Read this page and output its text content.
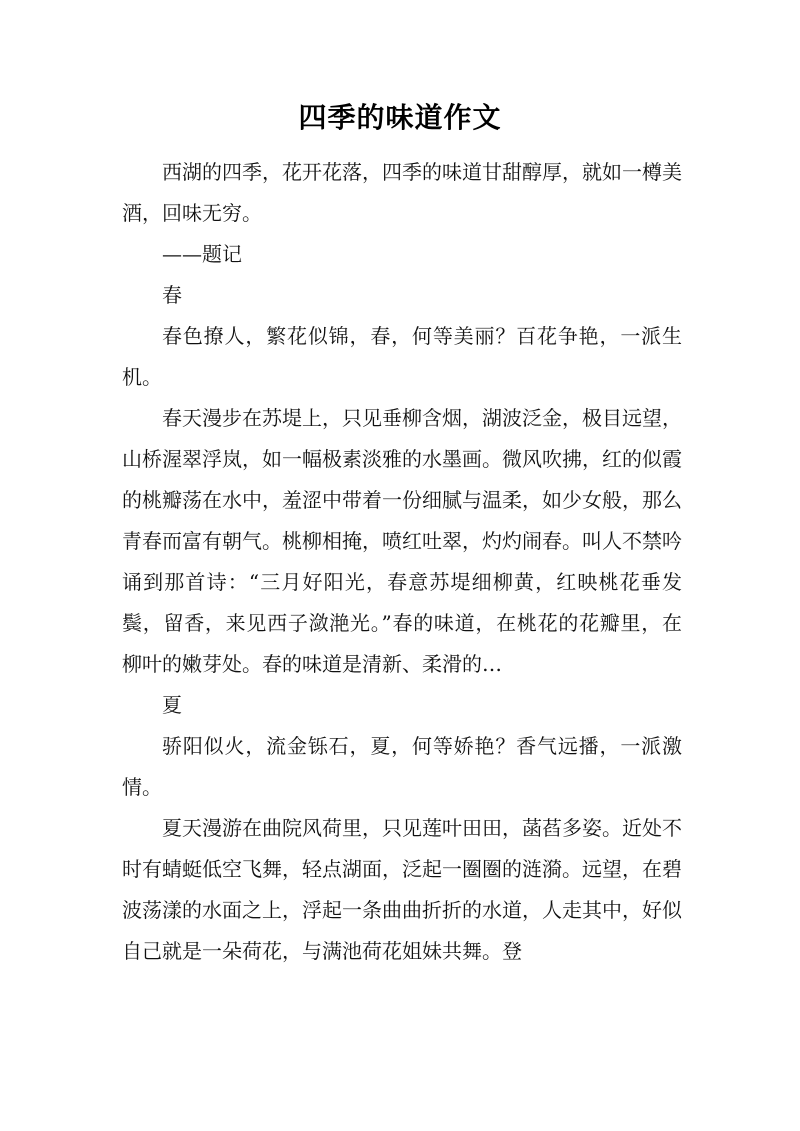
四季的味道作文

西湖的四季，花开花落，四季的味道甘甜醇厚，就如一樽美酒，回味无穷。

——题记

春

春色撩人，繁花似锦，春，何等美丽？百花争艳，一派生机。

春天漫步在苏堤上，只见垂柳含烟，湖波泛金，极目远望，山桥渥翠浮岚，如一幅极素淡雅的水墨画。微风吹拂，红的似霞的桃瓣荡在水中，羞涩中带着一份细腻与温柔，如少女般，那么青春而富有朝气。桃柳相掩，喷红吐翠，灼灼闹春。叫人不禁吟诵到那首诗：“三月好阳光，春意苏堤细柳黄，红映桃花垂发鬓，留香，来见西子潋滟光。”春的味道，在桃花的花瓣里，在柳叶的嫩芽处。春的味道是清新、柔滑的…

夏

骄阳似火，流金铄石，夏，何等娇艳？香气远播，一派激情。

夏天漫游在曲院风荷里，只见莲叶田田，菡萏多姿。近处不时有蜻蜓低空飞舞，轻点湖面，泛起一圈圈的涟漪。远望，在碧波荡漾的水面之上，浮起一条曲曲折折的水道，人走其中，好似自己就是一朵荷花，与满池荷花姐妹共舞。登
